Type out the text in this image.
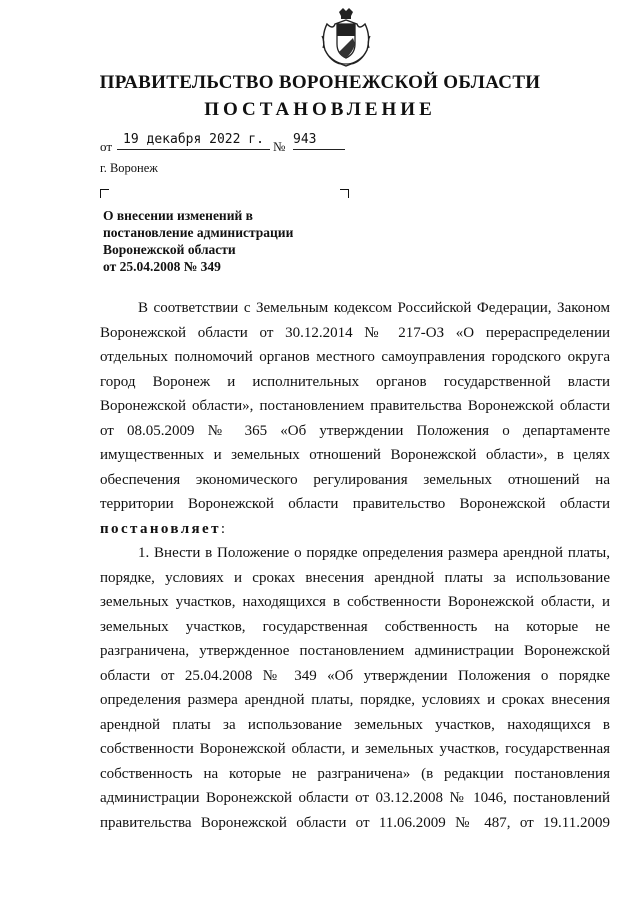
ПРАВИТЕЛЬСТВО ВОРОНЕЖСКОЙ ОБЛАСТИ
ПОСТАНОВЛЕНИЕ
от 19 декабря 2022 г. № 943
г. Воронеж
О внесении изменений в
постановление администрации
Воронежской области
от 25.04.2008 № 349
В соответствии с Земельным кодексом Российской Федерации, Законом
Воронежской области от 30.12.2014 № 217-ОЗ «О перераспределении
отдельных полномочий органов местного самоуправления городского округа
город Воронеж и исполнительных органов государственной власти
Воронежской области», постановлением правительства Воронежской области
от 08.05.2009 № 365 «Об утверждении Положения о департаменте
имущественных и земельных отношений Воронежской области», в целях
обеспечения экономического регулирования земельных отношений на
территории Воронежской области правительство Воронежской области
постановляет:
1. Внести в Положение о порядке определения размера арендной платы,
порядке, условиях и сроках внесения арендной платы за использование
земельных участков, находящихся в собственности Воронежской области, и
земельных участков, государственная собственность на которые не
разграничена, утвержденное постановлением администрации Воронежской
области от 25.04.2008 № 349 «Об утверждении Положения о порядке
определения размера арендной платы, порядке, условиях и сроках внесения
арендной платы за использование земельных участков, находящихся в
собственности Воронежской области, и земельных участков, государственная
собственность на которые не разграничена» (в редакции постановления
администрации Воронежской области от 03.12.2008 № 1046, постановлений
правительства Воронежской области от 11.06.2009 № 487, от 19.11.2009
